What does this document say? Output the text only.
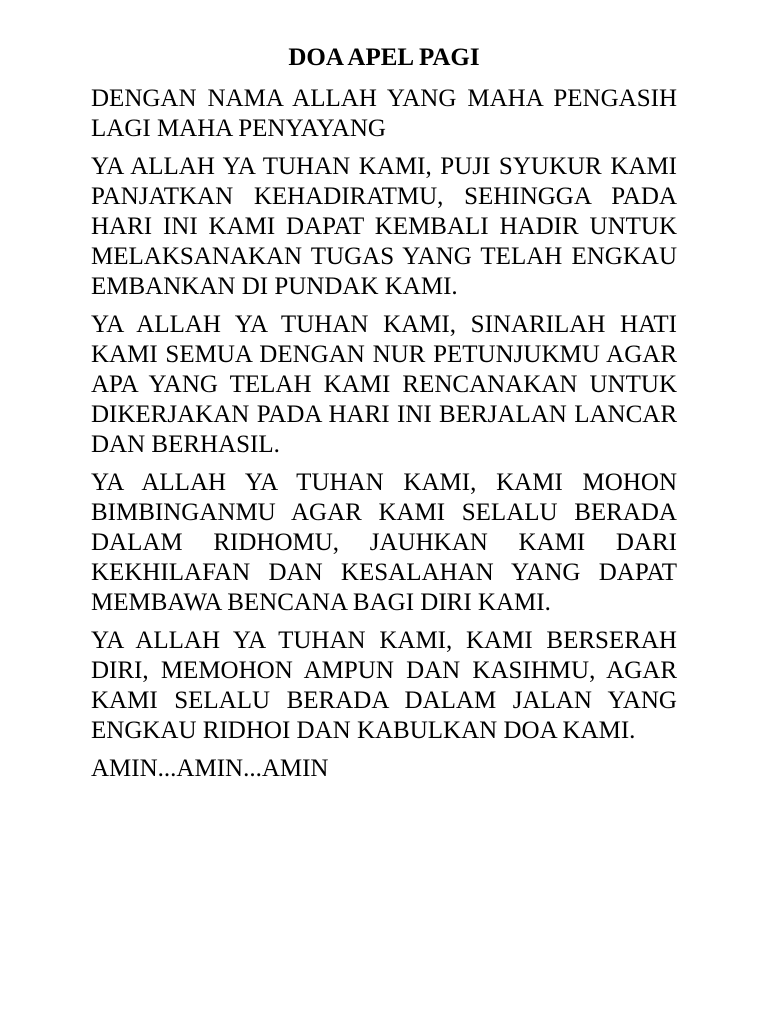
DOA APEL PAGI

DENGAN NAMA ALLAH YANG MAHA PENGASIH LAGI MAHA PENYAYANG

YA ALLAH YA TUHAN KAMI, PUJI SYUKUR KAMI PANJATKAN KEHADIRATMU, SEHINGGA PADA HARI INI KAMI DAPAT KEMBALI HADIR UNTUK MELAKSANAKAN TUGAS YANG TELAH ENGKAU EMBANKAN DI PUNDAK KAMI.

YA ALLAH YA TUHAN KAMI, SINARILAH HATI KAMI SEMUA DENGAN NUR PETUNJUKMU AGAR APA YANG TELAH KAMI RENCANAKAN UNTUK DIKERJAKAN PADA HARI INI BERJALAN LANCAR DAN BERHASIL.

YA ALLAH YA TUHAN KAMI, KAMI MOHON BIMBINGANMU AGAR KAMI SELALU BERADA DALAM RIDHOMU, JAUHKAN KAMI DARI KEKHILAFAN DAN KESALAHAN YANG DAPAT MEMBAWA BENCANA BAGI DIRI KAMI.

YA ALLAH YA TUHAN KAMI, KAMI BERSERAH DIRI, MEMOHON AMPUN DAN KASIHMU, AGAR KAMI SELALU BERADA DALAM JALAN YANG ENGKAU RIDHOI DAN KABULKAN DOA KAMI.

AMIN...AMIN...AMIN
